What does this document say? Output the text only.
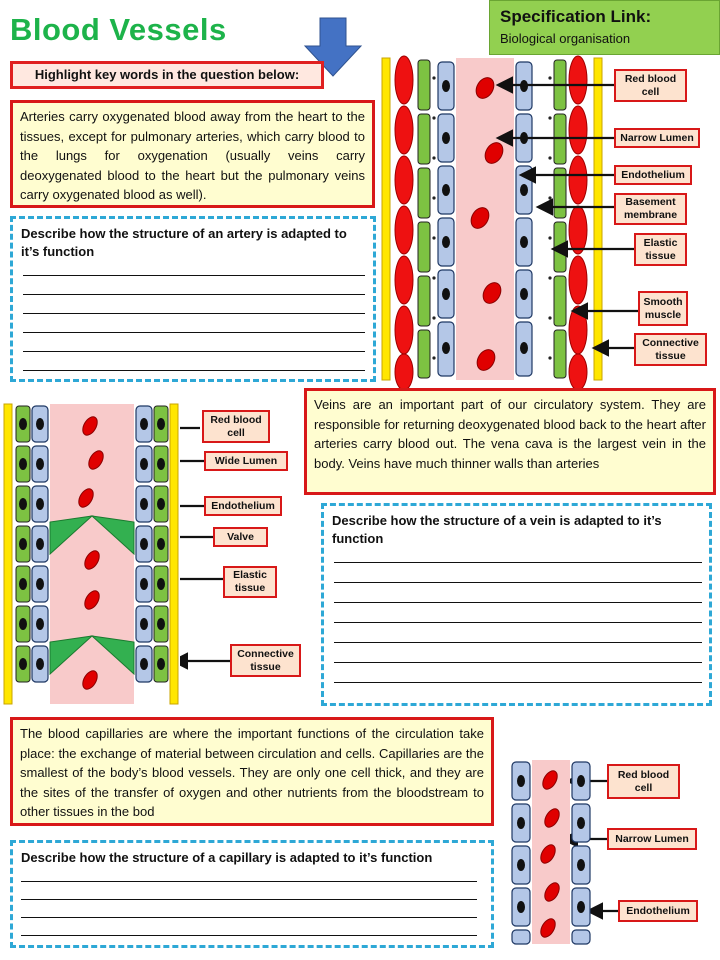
Blood Vessels	Specification Link:
Biological organisation
Highlight key words in the question below:
Arteries carry oxygenated blood away from the heart to the tissues, except for pulmonary arteries, which carry blood to the lungs for oxygenation (usually veins carry deoxygenated blood to the heart but the pulmonary veins carry oxygenated blood as well).
Describe how the structure of an artery is adapted to it’s function
Red blood cell
Narrow Lumen
Endothelium
Basement membrane
Elastic tissue
Smooth muscle
Connective tissue
Red blood cell
Wide Lumen
Endothelium
Valve
Elastic tissue
Connective tissue
Veins are an important part of our circulatory system. They are responsible for returning deoxygenated blood back to the heart after arteries carry blood out. The vena cava is the largest vein in the body. Veins have much thinner walls than arteries
Describe how the structure of a vein is adapted to it’s function
The blood capillaries are where the important functions of the circulation take place: the exchange of material between circulation and cells. Capillaries are the smallest of the body’s blood vessels. They are only one cell thick, and they are the sites of the transfer of oxygen and other nutrients from the bloodstream to other tissues in the bod
Describe how the structure of a capillary is adapted to it’s function
Red blood cell
Narrow Lumen
Endothelium
